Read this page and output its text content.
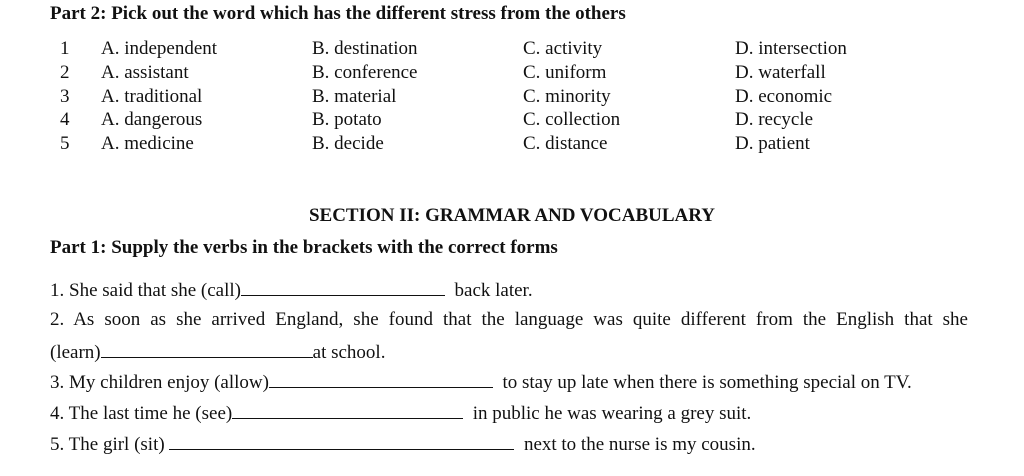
Part 2: Pick out the word which has the different stress from the others
1 A. independent	B. destination	C. activity	D. intersection
2 A. assistant	B. conference	C. uniform	D. waterfall
3 A. traditional	B. material	C. minority	D. economic
4 A. dangerous	B. potato	C. collection	D. recycle
5 A. medicine	B. decide	C. distance	D. patient
SECTION II: GRAMMAR AND VOCABULARY
Part 1: Supply the verbs in the brackets with the correct forms
1. She said that she (call)	back later.
2. As soon as she arrived England, she found that the language was quite different from the English that she
(learn)	at school.
3. My children enjoy (allow)	to stay up late when there is something special on TV.
4. The last time he (see)	in public he was wearing a grey suit.
5. The girl (sit)	next to the nurse is my cousin.
